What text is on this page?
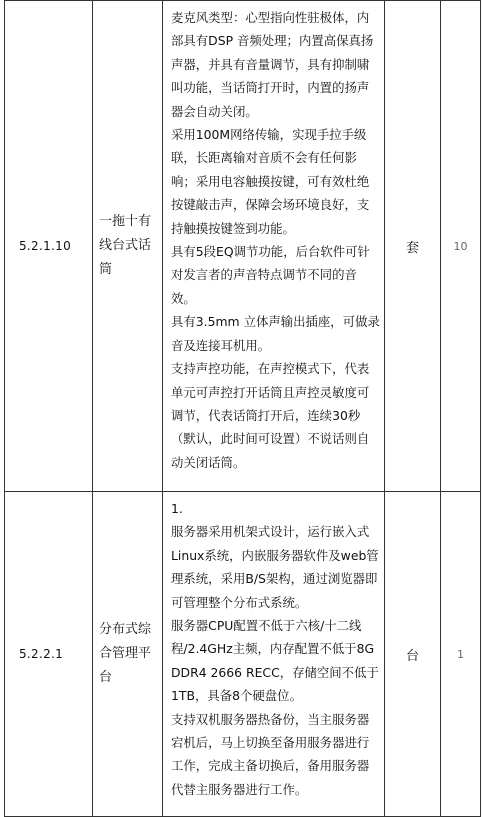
5.2.1.10	一拖十有线台式话筒	麦克风类型：心型指向性驻极体，内部具有DSP 音频处理；内置高保真扬声器，并具有音量调节，具有抑制啸叫功能，当话筒打开时，内置的扬声器会自动关闭。

采用100M网络传输，实现手拉手级联，长距离输对音质不会有任何影响；采用电容触摸按键，可有效杜绝按键敲击声，保障会场环境良好，支持触摸按键签到功能。

具有5段EQ调节功能，后台软件可针对发言者的声音特点调节不同的音效。

具有3.5mm 立体声输出插座，可做录音及连接耳机用。

支持声控功能，在声控模式下，代表单元可声控打开话筒且声控灵敏度可调节，代表话筒打开后，连续30秒（默认，此时间可设置）不说话则自动关闭话筒。	套	10
5.2.2.1	分布式综合管理平台	1.

服务器采用机架式设计，运行嵌入式Linux系统，内嵌服务器软件及web管理系统，采用B/S架构，通过浏览器即可管理整个分布式系统。

服务器CPU配置不低于六核/十二线程/2.4GHz主频，内存配置不低于8G DDR4 2666 RECC，存储空间不低于1TB，具备8个硬盘位。

支持双机服务器热备份，当主服务器宕机后，马上切换至备用服务器进行工作，完成主备切换后，备用服务器代替主服务器进行工作。	台	1
